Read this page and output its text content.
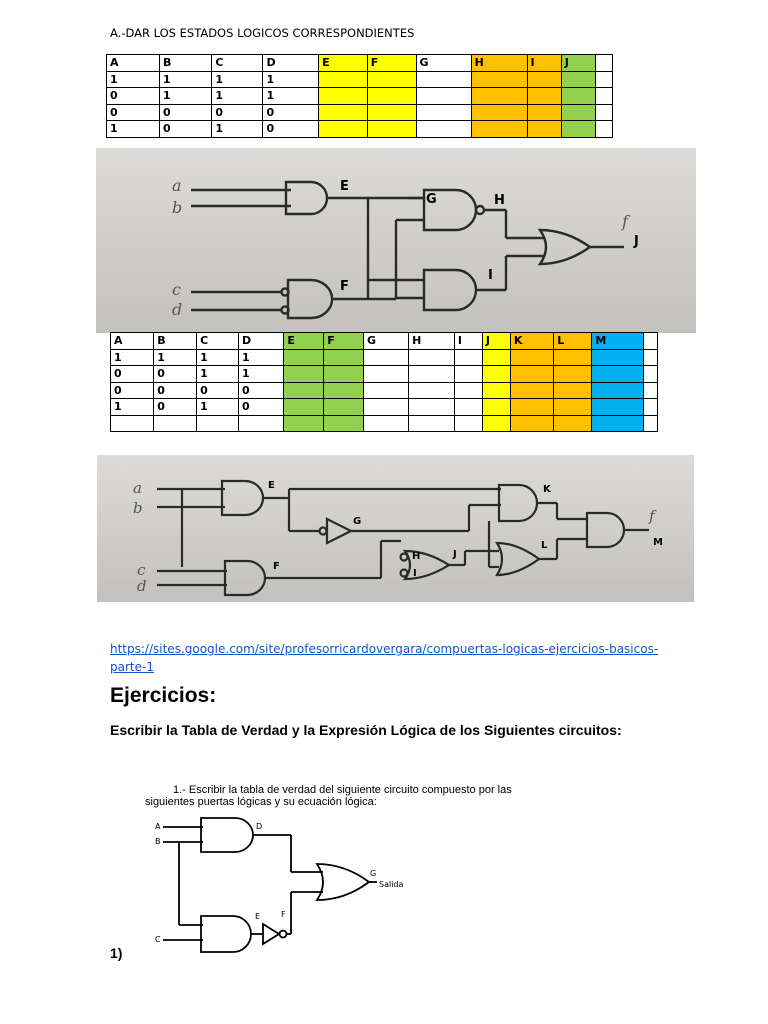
A.-DAR LOS ESTADOS LOGICOS CORRESPONDIENTES
A	B	C	D	E	F	G	H	I	J	
1	1	1	1							
0	1	1	1							
0	0	0	0							
1	0	1	0							
a
b
c
d
E
F
G	H
I
J
f
A	B	C	D	E	F	G	H	I	J	K	L	M	
1	1	1	1										
0	0	1	1										
0	0	0	0										
1	0	1	0										

a
b
c
d
E
F
G
H
I
J
K
L	M
f
https://sites.google.com/site/profesorricardovergara/compuertas-logicas-ejercicios-basicos-parte-1
Ejercicios:
Escribir la Tabla de Verdad y la Expresión Lógica de los Siguientes circuitos:
1.- Escribir la tabla de verdad del siguiente circuito compuesto por las
siguientes puertas lógicas y su ecuación lógica:
A
B
C
D
E	F
G
Salida
1)
